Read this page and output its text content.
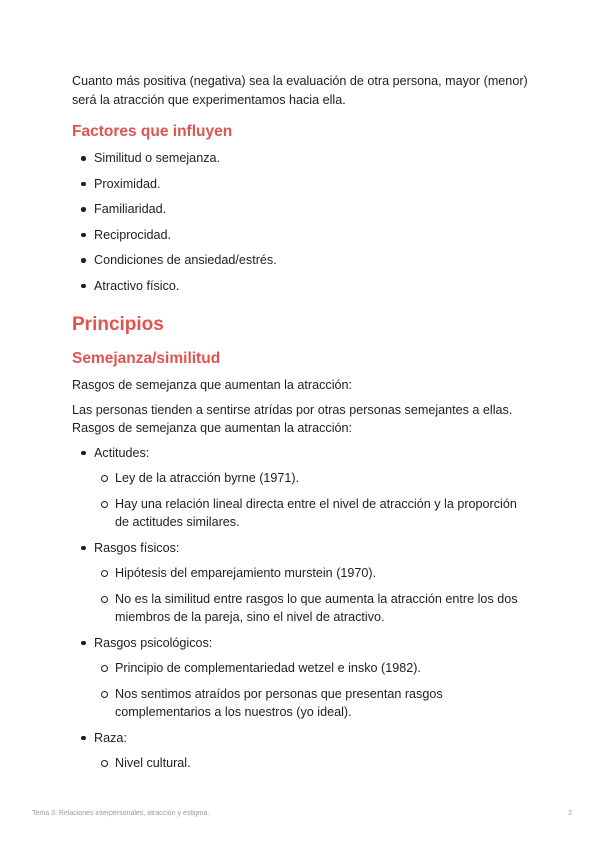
Cuanto más positiva (negativa) sea la evaluación de otra persona, mayor (menor) será la atracción que experimentamos hacia ella.

Factores que influyen
Similitud o semejanza.
Proximidad.
Familiaridad.
Reciprocidad.
Condiciones de ansiedad/estrés.
Atractivo físico.
Principios
Semejanza/similitud

Rasgos de semejanza que aumentan la atracción:

Las personas tienden a sentirse atrídas por otras personas semejantes a ellas. Rasgos de semejanza que aumentan la atracción:

Actitudes:
Ley de la atracción byrne (1971).
Hay una relación lineal directa entre el nivel de atracción y la proporción de actitudes similares.
Rasgos físicos:
Hipótesis del emparejamiento murstein (1970).
No es la similitud entre rasgos lo que aumenta la atracción entre los dos miembros de la pareja, sino el nivel de atractivo.
Rasgos psicológicos:
Principio de complementariedad wetzel e insko (1982).
Nos sentimos atraídos por personas que presentan rasgos complementarios a los nuestros (yo ideal).
Raza:
Nivel cultural.
Tema 3: Relaciones interpersonales, atracción y estigma.	2
